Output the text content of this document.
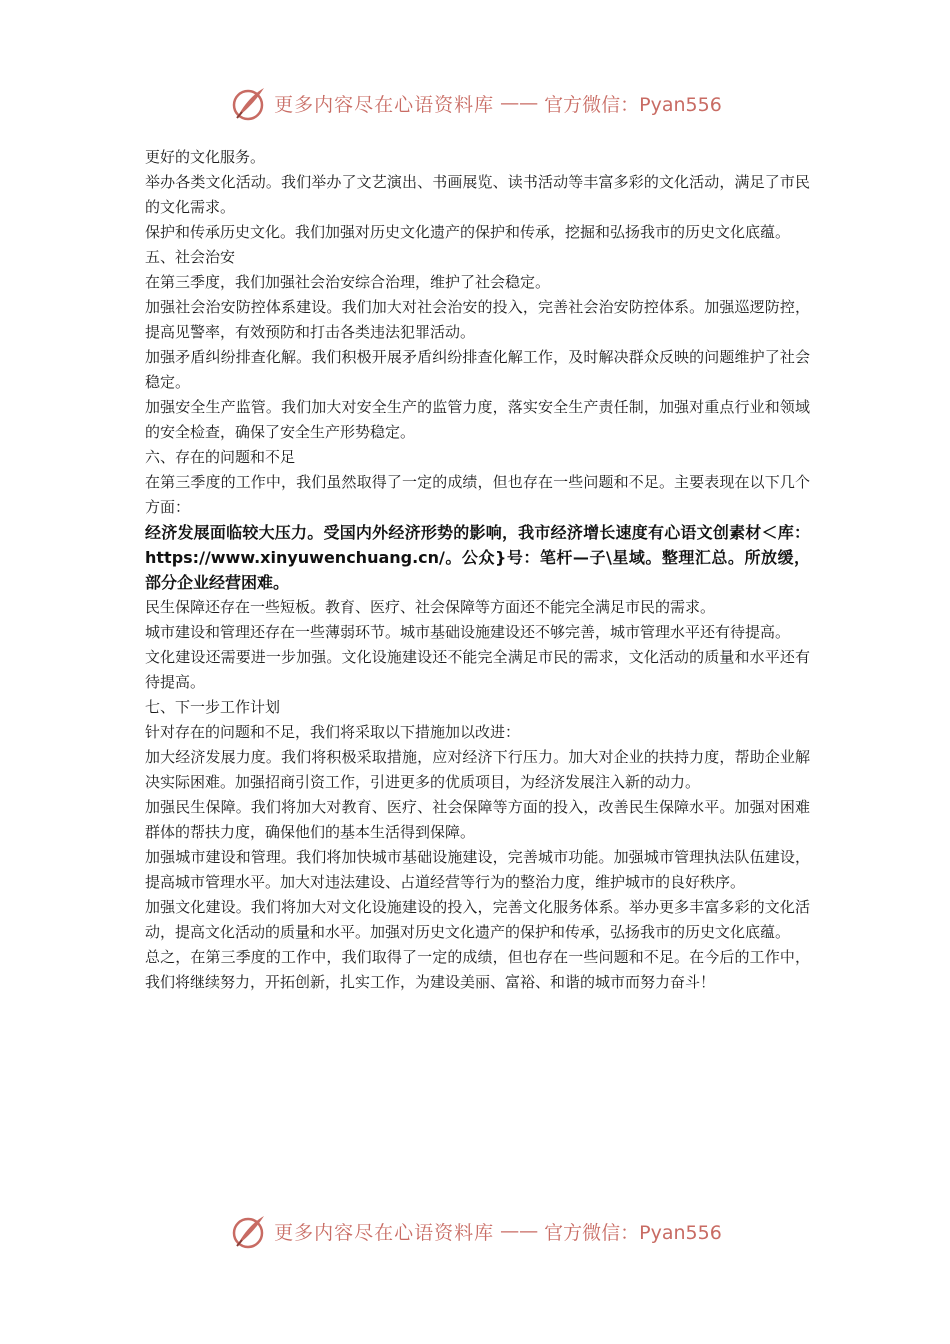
更多内容尽在心语资料库 —— 官方微信：Pyan556

更好的文化服务。

举办各类文化活动。我们举办了文艺演出、书画展览、读书活动等丰富多彩的文化活动，满足了市民的文化需求。

保护和传承历史文化。我们加强对历史文化遗产的保护和传承，挖掘和弘扬我市的历史文化底蕴。

五、社会治安

在第三季度，我们加强社会治安综合治理，维护了社会稳定。

加强社会治安防控体系建设。我们加大对社会治安的投入，完善社会治安防控体系。加强巡逻防控，提高见警率，有效预防和打击各类违法犯罪活动。

加强矛盾纠纷排查化解。我们积极开展矛盾纠纷排查化解工作，及时解决群众反映的问题维护了社会稳定。

加强安全生产监管。我们加大对安全生产的监管力度，落实安全生产责任制，加强对重点行业和领域的安全检查，确保了安全生产形势稳定。

六、存在的问题和不足

在第三季度的工作中，我们虽然取得了一定的成绩，但也存在一些问题和不足。主要表现在以下几个方面：

经济发展面临较大压力。受国内外经济形势的影响，我市经济增长速度有心语文创素材＜库：https://www.xinyuwenchuang.cn/。公众}号：笔杆—子\星域。整理汇总。所放缓，部分企业经营困难。

民生保障还存在一些短板。教育、医疗、社会保障等方面还不能完全满足市民的需求。

城市建设和管理还存在一些薄弱环节。城市基础设施建设还不够完善，城市管理水平还有待提高。

文化建设还需要进一步加强。文化设施建设还不能完全满足市民的需求，文化活动的质量和水平还有待提高。

七、下一步工作计划

针对存在的问题和不足，我们将采取以下措施加以改进：

加大经济发展力度。我们将积极采取措施，应对经济下行压力。加大对企业的扶持力度，帮助企业解决实际困难。加强招商引资工作，引进更多的优质项目，为经济发展注入新的动力。

加强民生保障。我们将加大对教育、医疗、社会保障等方面的投入，改善民生保障水平。加强对困难群体的帮扶力度，确保他们的基本生活得到保障。

加强城市建设和管理。我们将加快城市基础设施建设，完善城市功能。加强城市管理执法队伍建设，提高城市管理水平。加大对违法建设、占道经营等行为的整治力度，维护城市的良好秩序。

加强文化建设。我们将加大对文化设施建设的投入，完善文化服务体系。举办更多丰富多彩的文化活动，提高文化活动的质量和水平。加强对历史文化遗产的保护和传承，弘扬我市的历史文化底蕴。

总之，在第三季度的工作中，我们取得了一定的成绩，但也存在一些问题和不足。在今后的工作中，我们将继续努力，开拓创新，扎实工作，为建设美丽、富裕、和谐的城市而努力奋斗！

更多内容尽在心语资料库 —— 官方微信：Pyan556
